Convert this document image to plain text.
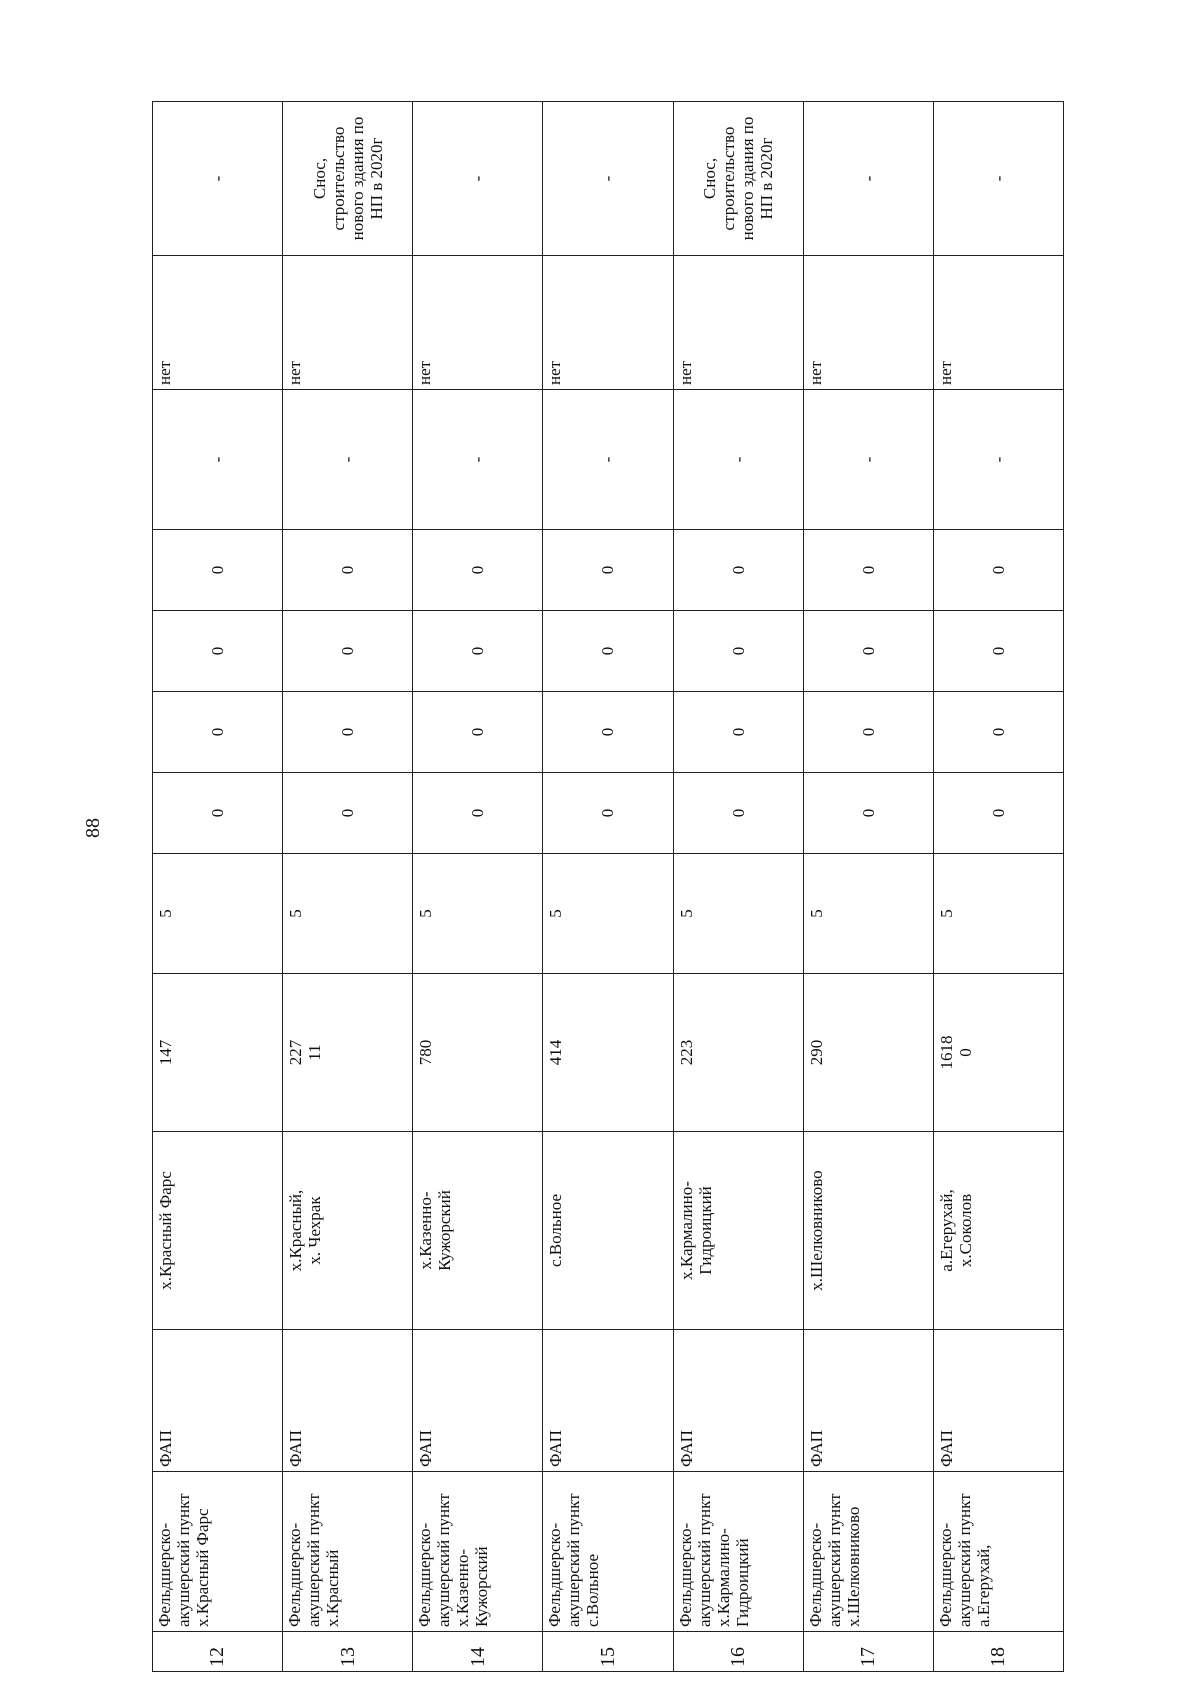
88
12	Фельдшерско-
акушерский пункт
х.Красный Фарс	ФАП	х.Красный Фарс	147	5	0	0	0	0	-	нет	-
13	Фельдшерско-
акушерский пункт
х.Красный	ФАП	х.Красный,
х. Чехрак	227
11	5	0	0	0	0	-	нет	Снос,
строительство
нового здания по
НП в 2020г
14	Фельдшерско-
акушерский пункт
х.Казенно-
Кужорский	ФАП	х.Казенно-
Кужорский	780	5	0	0	0	0	-	нет	-
15	Фельдшерско-
акушерский пункт
с.Вольное	ФАП	с.Вольное	414	5	0	0	0	0	-	нет	-
16	Фельдшерско-
акушерский пункт
х.Кармалино-
Гидроицкий	ФАП	х.Кармалино-
Гидроицкий	223	5	0	0	0	0	-	нет	Снос,
строительство
нового здания по
НП в 2020г
17	Фельдшерско-
акушерский пункт
х.Шелковниково	ФАП	х.Шелковниково	290	5	0	0	0	0	-	нет	-
18	Фельдшерско-
акушерский пункт
а.Егерухай,	ФАП	а.Егерухай,
х.Соколов	1618
0	5	0	0	0	0	-	нет	-
